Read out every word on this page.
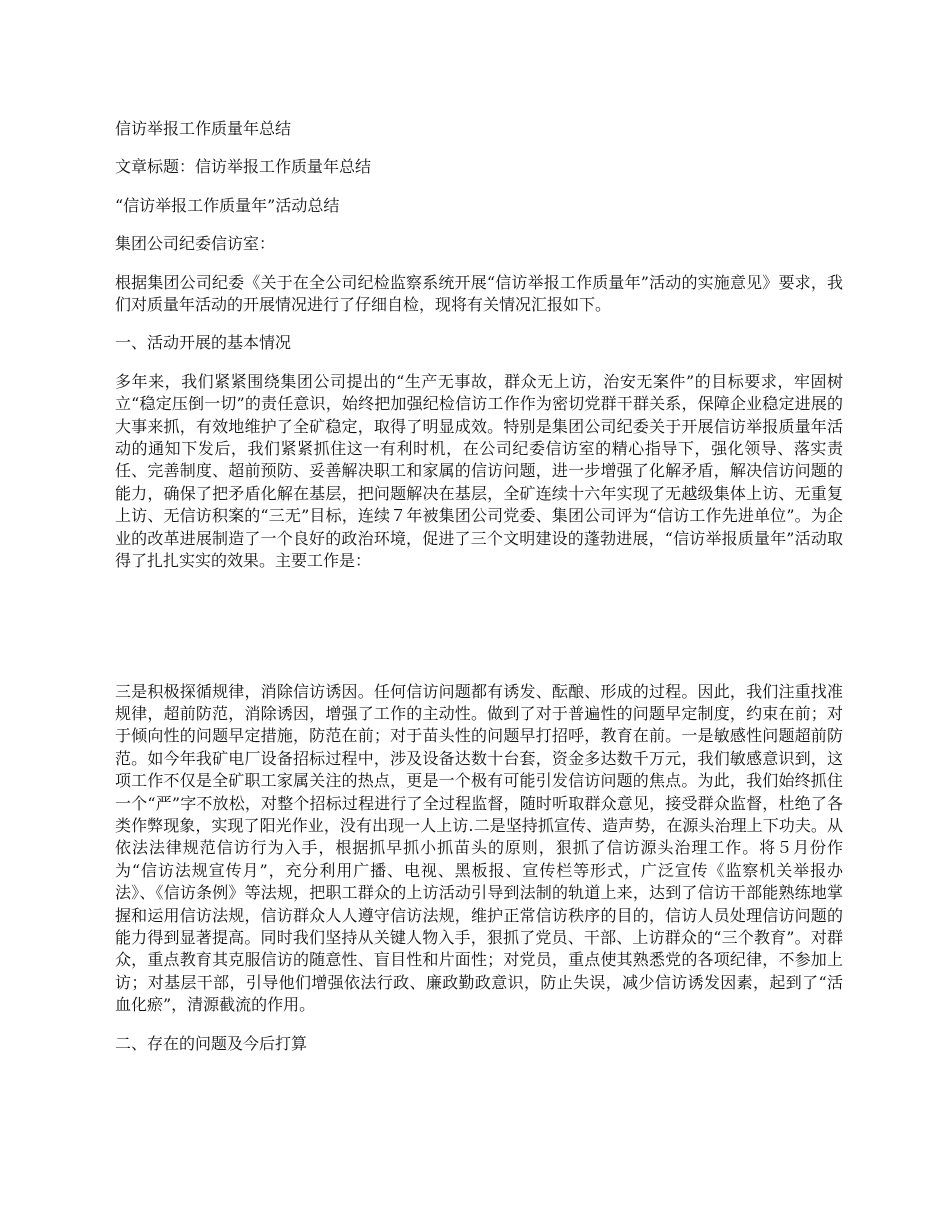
信访举报工作质量年总结

文章标题：信访举报工作质量年总结

“信访举报工作质量年”活动总结

集团公司纪委信访室：

根据集团公司纪委《关于在全公司纪检监察系统开展“信访举报工作质量年”活动的实施意见》要求，我们对质量年活动的开展情况进行了仔细自检，现将有关情况汇报如下。

一、活动开展的基本情况

多年来，我们紧紧围绕集团公司提出的“生产无事故，群众无上访，治安无案件”的目标要求，牢固树立“稳定压倒一切”的责任意识，始终把加强纪检信访工作作为密切党群干群关系，保障企业稳定进展的大事来抓，有效地维护了全矿稳定，取得了明显成效。特别是集团公司纪委关于开展信访举报质量年活动的通知下发后，我们紧紧抓住这一有利时机，在公司纪委信访室的精心指导下，强化领导、落实责任、完善制度、超前预防、妥善解决职工和家属的信访问题，进一步增强了化解矛盾，解决信访问题的能力，确保了把矛盾化解在基层，把问题解决在基层，全矿连续十六年实现了无越级集体上访、无重复上访、无信访积案的“三无”目标，连续７年被集团公司党委、集团公司评为“信访工作先进单位”。为企业的改革进展制造了一个良好的政治环境，促进了三个文明建设的蓬勃进展，“信访举报质量年”活动取得了扎扎实实的效果。主要工作是：

三是积极探循规律，消除信访诱因。任何信访问题都有诱发、酝酿、形成的过程。因此，我们注重找准规律，超前防范，消除诱因，增强了工作的主动性。做到了对于普遍性的问题早定制度，约束在前；对于倾向性的问题早定措施，防范在前；对于苗头性的问题早打招呼，教育在前。一是敏感性问题超前防范。如今年我矿电厂设备招标过程中，涉及设备达数十台套，资金多达数千万元，我们敏感意识到，这项工作不仅是全矿职工家属关注的热点，更是一个极有可能引发信访问题的焦点。为此，我们始终抓住一个“严”字不放松，对整个招标过程进行了全过程监督，随时听取群众意见，接受群众监督，杜绝了各类作弊现象，实现了阳光作业，没有出现一人上访.二是坚持抓宣传、造声势，在源头治理上下功夫。从依法法律规范信访行为入手，根据抓早抓小抓苗头的原则，狠抓了信访源头治理工作。将５月份作为“信访法规宣传月”，充分利用广播、电视、黑板报、宣传栏等形式，广泛宣传《监察机关举报办法》、《信访条例》等法规，把职工群众的上访活动引导到法制的轨道上来，达到了信访干部能熟练地掌握和运用信访法规，信访群众人人遵守信访法规，维护正常信访秩序的目的，信访人员处理信访问题的能力得到显著提高。同时我们坚持从关键人物入手，狠抓了党员、干部、上访群众的“三个教育”。对群众，重点教育其克服信访的随意性、盲目性和片面性；对党员，重点使其熟悉党的各项纪律，不参加上访；对基层干部，引导他们增强依法行政、廉政勤政意识，防止失误，减少信访诱发因素，起到了“活血化瘀”，清源截流的作用。

二、存在的问题及今后打算
